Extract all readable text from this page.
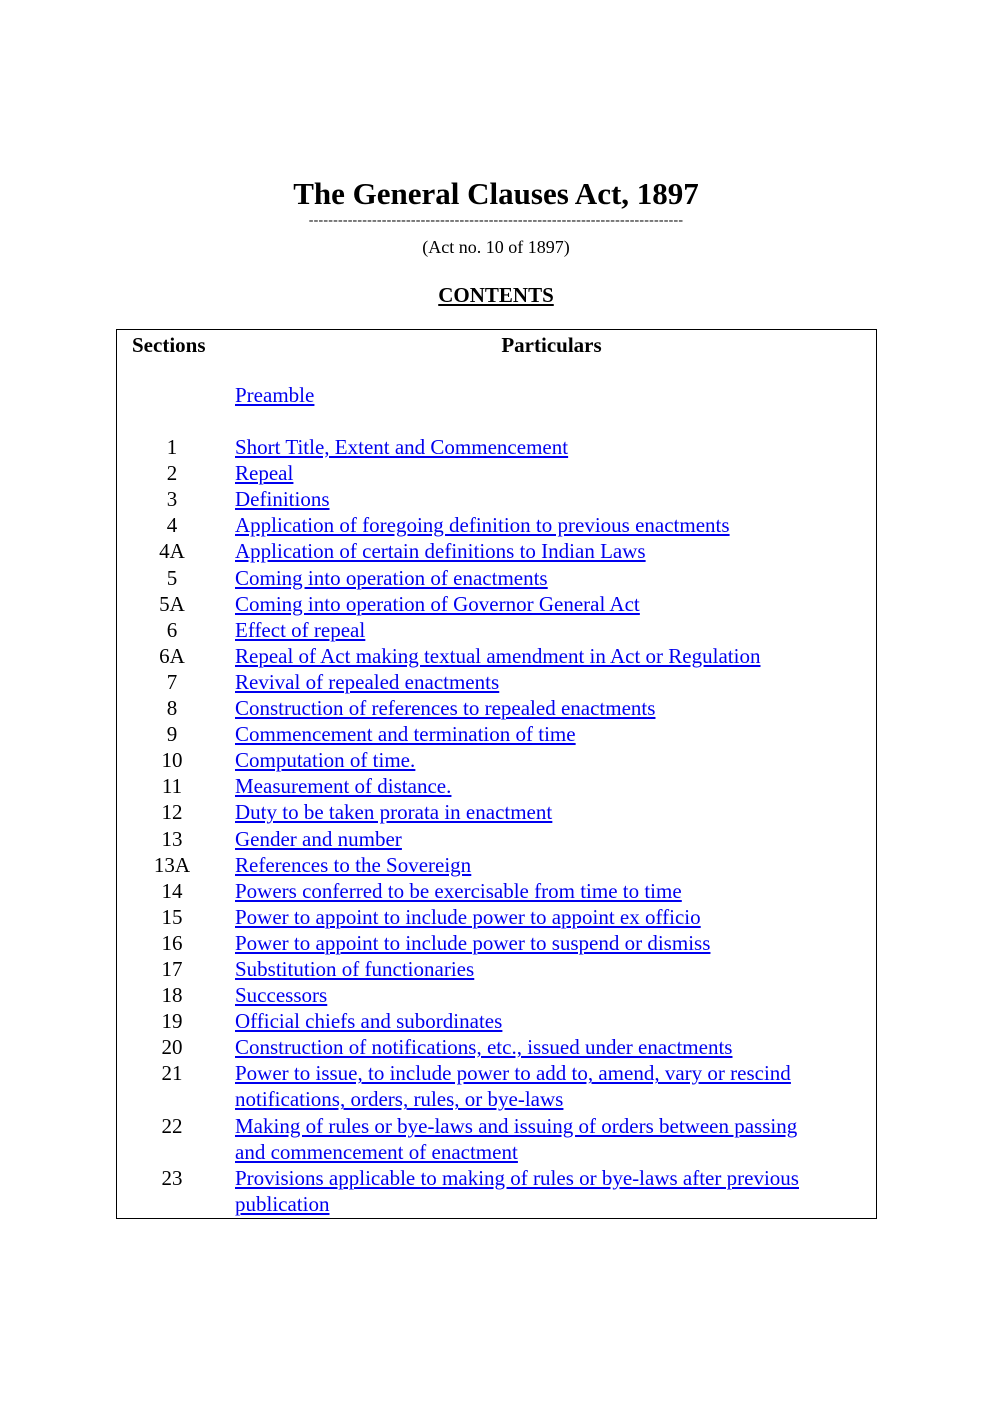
The General Clauses Act, 1897
-----------------------------------------------------------------------------
(Act no. 10 of 1897)
CONTENTS
Sections	Particulars
Preamble
1	Short Title, Extent and Commencement
2	Repeal
3	Definitions
4	Application of foregoing definition to previous enactments
4A	Application of certain definitions to Indian Laws
5	Coming into operation of enactments
5A	Coming into operation of Governor General Act
6	Effect of repeal
6A	Repeal of Act making textual amendment in Act or Regulation
7	Revival of repealed enactments
8	Construction of references to repealed enactments
9	Commencement and termination of time
10	Computation of time.
11	Measurement of distance.
12	Duty to be taken prorata in enactment
13	Gender and number
13A	References to the Sovereign
14	Powers conferred to be exercisable from time to time
15	Power to appoint to include power to appoint ex officio
16	Power to appoint to include power to suspend or dismiss
17	Substitution of functionaries
18	Successors
19	Official chiefs and subordinates
20	Construction of notifications, etc., issued under enactments
21	Power to issue, to include power to add to, amend, vary or rescind
notifications, orders, rules, or bye-laws
22	Making of rules or bye-laws and issuing of orders between passing
and commencement of enactment
23	Provisions applicable to making of rules or bye-laws after previous
publication
